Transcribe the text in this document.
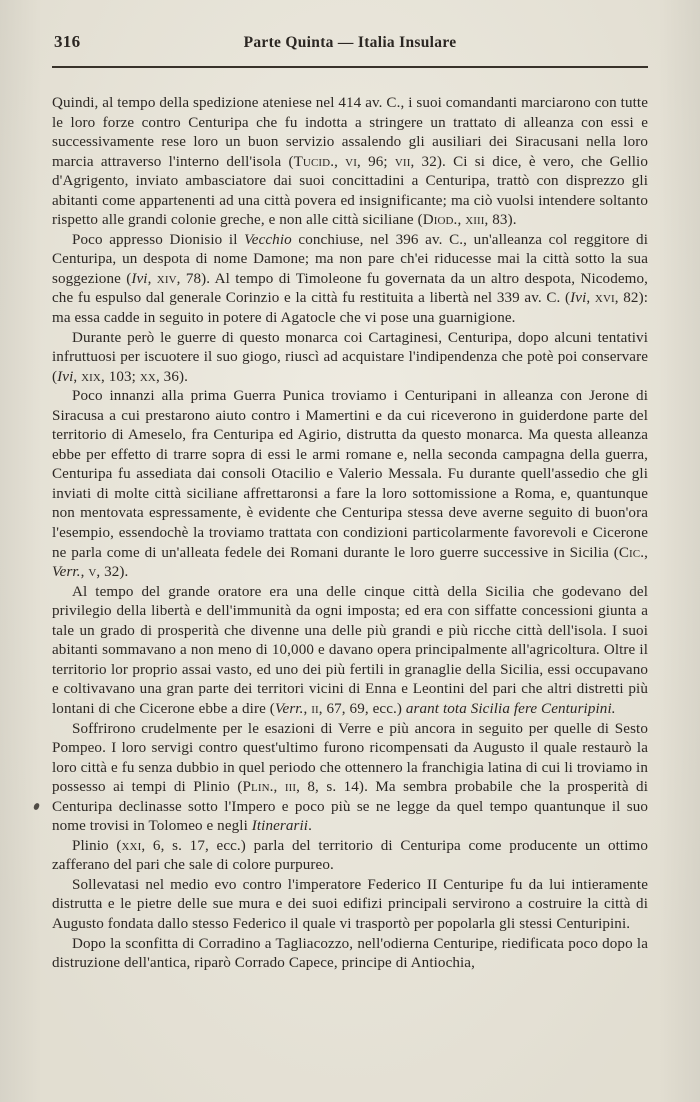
316	Parte Quinta — Italia Insulare

Quindi, al tempo della spedizione ateniese nel 414 av. C., i suoi comandanti marciarono con tutte le loro forze contro Centuripa che fu indotta a stringere un trattato di alleanza con essi e successivamente rese loro un buon servizio assalendo gli ausiliari dei Siracusani nella loro marcia attraverso l'interno dell'isola (Tucid., vi, 96; vii, 32). Ci si dice, è vero, che Gellio d'Agrigento, inviato ambasciatore dai suoi concittadini a Centuripa, trattò con disprezzo gli abitanti come appartenenti ad una città povera ed insignificante; ma ciò vuolsi intendere soltanto rispetto alle grandi colonie greche, e non alle città siciliane (Diod., xiii, 83).

Poco appresso Dionisio il Vecchio conchiuse, nel 396 av. C., un'alleanza col reggitore di Centuripa, un despota di nome Damone; ma non pare ch'ei riducesse mai la città sotto la sua soggezione (Ivi, xiv, 78). Al tempo di Timoleone fu governata da un altro despota, Nicodemo, che fu espulso dal generale Corinzio e la città fu restituita a libertà nel 339 av. C. (Ivi, xvi, 82): ma essa cadde in seguito in potere di Agatocle che vi pose una guarnigione.

Durante però le guerre di questo monarca coi Cartaginesi, Centuripa, dopo alcuni tentativi infruttuosi per iscuotere il suo giogo, riuscì ad acquistare l'indipendenza che potè poi conservare (Ivi, xix, 103; xx, 36).

Poco innanzi alla prima Guerra Punica troviamo i Centuripani in alleanza con Jerone di Siracusa a cui prestarono aiuto contro i Mamertini e da cui riceverono in guiderdone parte del territorio di Ameselo, fra Centuripa ed Agirio, distrutta da questo monarca. Ma questa alleanza ebbe per effetto di trarre sopra di essi le armi romane e, nella seconda campagna della guerra, Centuripa fu assediata dai consoli Otacilio e Valerio Messala. Fu durante quell'assedio che gli inviati di molte città siciliane affrettaronsi a fare la loro sottomissione a Roma, e, quantunque non mentovata espressamente, è evidente che Centuripa stessa deve averne seguito di buon'ora l'esempio, essendochè la troviamo trattata con condizioni particolarmente favorevoli e Cicerone ne parla come di un'alleata fedele dei Romani durante le loro guerre successive in Sicilia (Cic., Verr., v, 32).

Al tempo del grande oratore era una delle cinque città della Sicilia che godevano del privilegio della libertà e dell'immunità da ogni imposta; ed era con siffatte concessioni giunta a tale un grado di prosperità che divenne una delle più grandi e più ricche città dell'isola. I suoi abitanti sommavano a non meno di 10,000 e davano opera principalmente all'agricoltura. Oltre il territorio lor proprio assai vasto, ed uno dei più fertili in granaglie della Sicilia, essi occupavano e coltivavano una gran parte dei territori vicini di Enna e Leontini del pari che altri distretti più lontani di che Cicerone ebbe a dire (Verr., ii, 67, 69, ecc.) arant tota Sicilia fere Centuripini.

Soffrirono crudelmente per le esazioni di Verre e più ancora in seguito per quelle di Sesto Pompeo. I loro servigi contro quest'ultimo furono ricompensati da Augusto il quale restaurò la loro città e fu senza dubbio in quel periodo che ottennero la franchigia latina di cui li troviamo in possesso ai tempi di Plinio (Plin., iii, 8, s. 14). Ma sembra probabile che la prosperità di Centuripa declinasse sotto l'Impero e poco più se ne legge da quel tempo quantunque il suo nome trovisi in Tolomeo e negli Itinerarii.

Plinio (xxi, 6, s. 17, ecc.) parla del territorio di Centuripa come producente un ottimo zafferano del pari che sale di colore purpureo.

Sollevatasi nel medio evo contro l'imperatore Federico II Centuripe fu da lui intieramente distrutta e le pietre delle sue mura e dei suoi edifizi principali servirono a costruire la città di Augusto fondata dallo stesso Federico il quale vi trasportò per popolarla gli stessi Centuripini.

Dopo la sconfitta di Corradino a Tagliacozzo, nell'odierna Centuripe, riedificata poco dopo la distruzione dell'antica, riparò Corrado Capece, principe di Antiochia,
